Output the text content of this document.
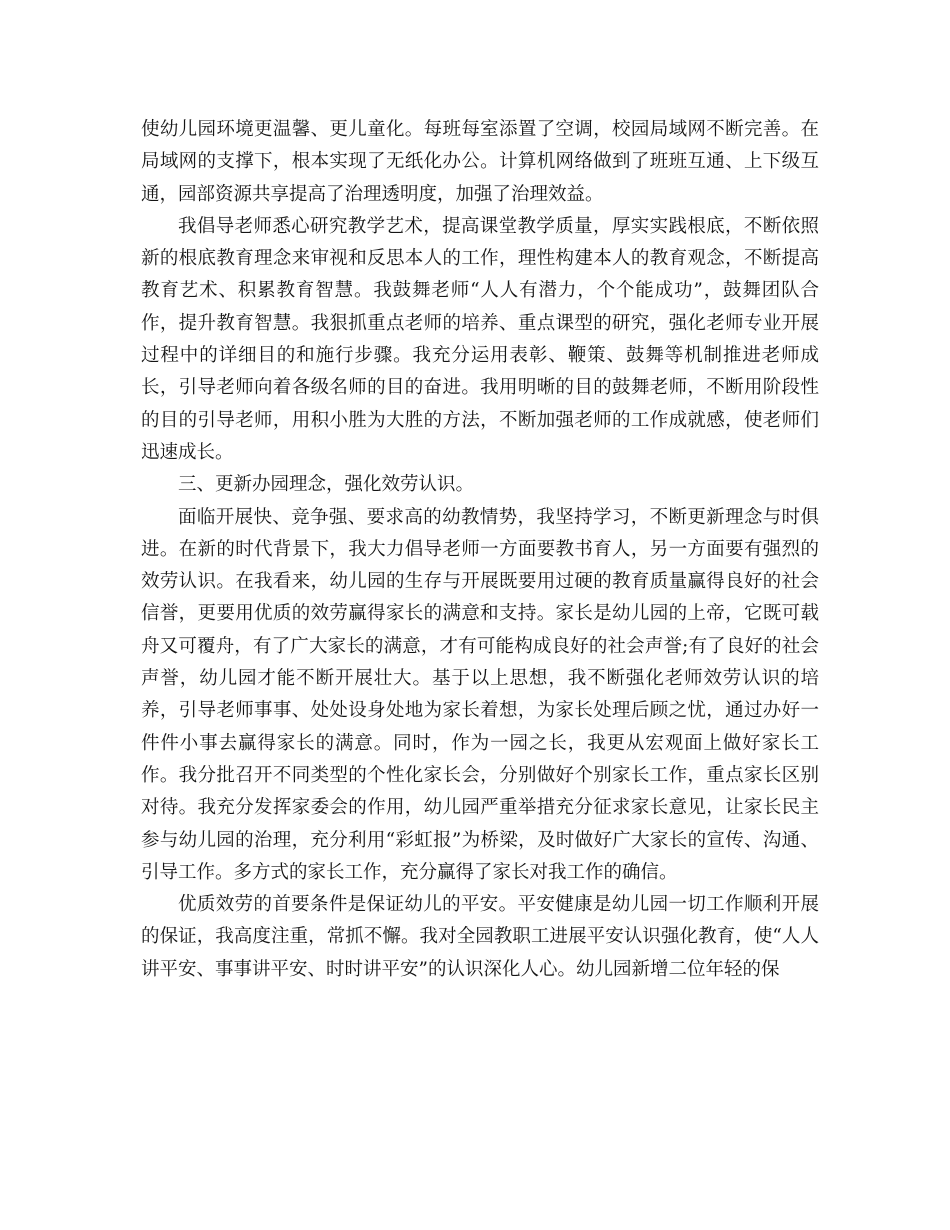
使幼儿园环境更温馨、更儿童化。每班每室添置了空调，校园局域网不断完善。在局域网的支撑下，根本实现了无纸化办公。计算机网络做到了班班互通、上下级互通，园部资源共享提高了治理透明度，加强了治理效益。

我倡导老师悉心研究教学艺术，提高课堂教学质量，厚实实践根底，不断依照新的根底教育理念来审视和反思本人的工作，理性构建本人的教育观念，不断提高教育艺术、积累教育智慧。我鼓舞老师“人人有潜力，个个能成功”，鼓舞团队合作，提升教育智慧。我狠抓重点老师的培养、重点课型的研究，强化老师专业开展过程中的详细目的和施行步骤。我充分运用表彰、鞭策、鼓舞等机制推进老师成长，引导老师向着各级名师的目的奋进。我用明晰的目的鼓舞老师，不断用阶段性的目的引导老师，用积小胜为大胜的方法，不断加强老师的工作成就感，使老师们迅速成长。

三、更新办园理念，强化效劳认识。

面临开展快、竞争强、要求高的幼教情势，我坚持学习，不断更新理念与时俱进。在新的时代背景下，我大力倡导老师一方面要教书育人，另一方面要有强烈的效劳认识。在我看来，幼儿园的生存与开展既要用过硬的教育质量赢得良好的社会信誉，更要用优质的效劳赢得家长的满意和支持。家长是幼儿园的上帝，它既可载舟又可覆舟，有了广大家长的满意，才有可能构成良好的社会声誉;有了良好的社会声誉，幼儿园才能不断开展壮大。基于以上思想，我不断强化老师效劳认识的培养，引导老师事事、处处设身处地为家长着想，为家长处理后顾之忧，通过办好一件件小事去赢得家长的满意。同时，作为一园之长，我更从宏观面上做好家长工作。我分批召开不同类型的个性化家长会，分别做好个别家长工作，重点家长区别对待。我充分发挥家委会的作用，幼儿园严重举措充分征求家长意见，让家长民主参与幼儿园的治理，充分利用“彩虹报”为桥梁，及时做好广大家长的宣传、沟通、引导工作。多方式的家长工作，充分赢得了家长对我工作的确信。

优质效劳的首要条件是保证幼儿的平安。平安健康是幼儿园一切工作顺利开展的保证，我高度注重，常抓不懈。我对全园教职工进展平安认识强化教育，使“人人讲平安、事事讲平安、时时讲平安”的认识深化人心。幼儿园新增二位年轻的保
